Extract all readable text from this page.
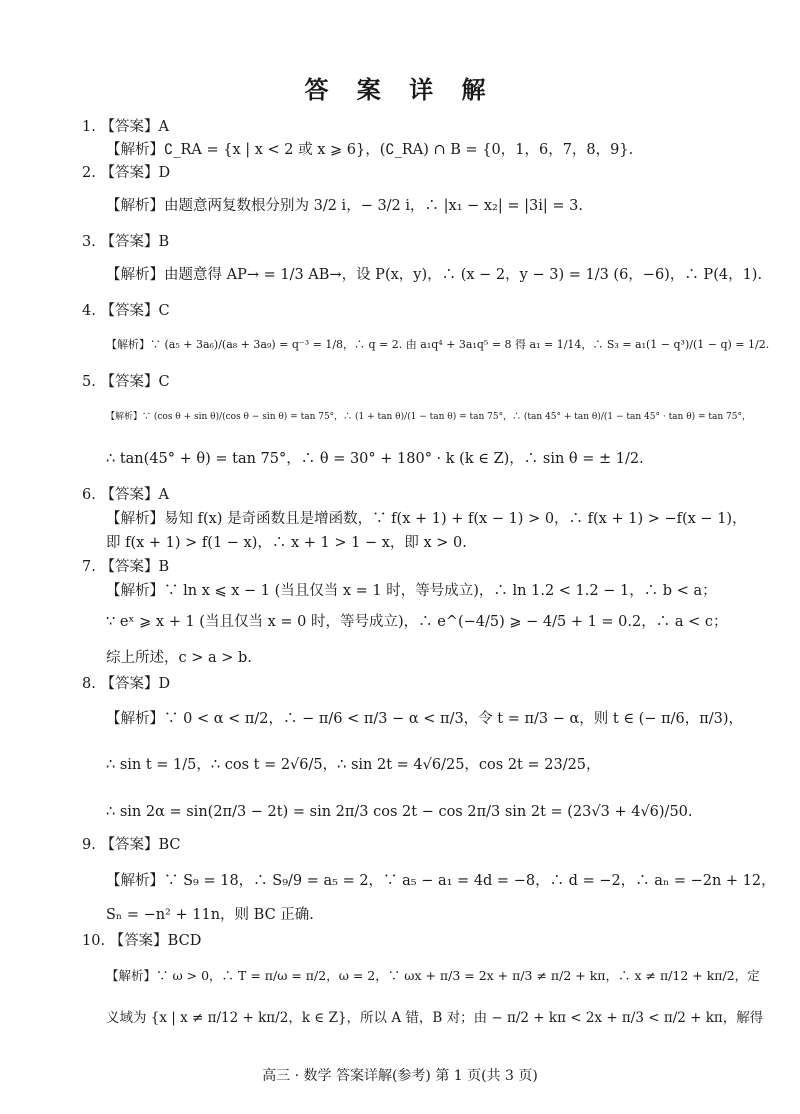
答 案 详 解
1. 【答案】A
【解析】∁_RA = {x | x < 2 或 x ⩾ 6}，(∁_RA) ∩ B = {0，1，6，7，8，9}.
2. 【答案】D
【解析】由题意两复数根分别为 3/2 i，− 3/2 i，∴ |x₁ − x₂| = |3i| = 3.
3. 【答案】B
【解析】由题意得 AP→ = 1/3 AB→，设 P(x，y)，∴ (x − 2，y − 3) = 1/3 (6，−6)，∴ P(4，1).
4. 【答案】C
【解析】∵ (a₅ + 3a₆)/(a₈ + 3a₉) = q⁻³ = 1/8，∴ q = 2. 由 a₁q⁴ + 3a₁q⁵ = 8 得 a₁ = 1/14，∴ S₃ = a₁(1 − q³)/(1 − q) = 1/2.
5. 【答案】C
【解析】∵ (cos θ + sin θ)/(cos θ − sin θ) = tan 75°，∴ (1 + tan θ)/(1 − tan θ) = tan 75°，∴ (tan 45° + tan θ)/(1 − tan 45° · tan θ) = tan 75°，
∴ tan(45° + θ) = tan 75°，∴ θ = 30° + 180° · k (k ∈ Z)，∴ sin θ = ± 1/2.
6. 【答案】A
【解析】易知 f(x) 是奇函数且是增函数，∵ f(x + 1) + f(x − 1) > 0，∴ f(x + 1) > −f(x − 1)，
即 f(x + 1) > f(1 − x)，∴ x + 1 > 1 − x，即 x > 0.
7. 【答案】B
【解析】∵ ln x ⩽ x − 1 (当且仅当 x = 1 时，等号成立)，∴ ln 1.2 < 1.2 − 1，∴ b < a；
∵ eˣ ⩾ x + 1 (当且仅当 x = 0 时，等号成立)，∴ e^(−4/5) ⩾ − 4/5 + 1 = 0.2，∴ a < c；
综上所述，c > a > b.
8. 【答案】D
【解析】∵ 0 < α < π/2，∴ − π/6 < π/3 − α < π/3，令 t = π/3 − α，则 t ∈ (− π/6，π/3)，
∴ sin t = 1/5，∴ cos t = 2√6/5，∴ sin 2t = 4√6/25，cos 2t = 23/25，
∴ sin 2α = sin(2π/3 − 2t) = sin 2π/3 cos 2t − cos 2π/3 sin 2t = (23√3 + 4√6)/50.
9. 【答案】BC
【解析】∵ S₉ = 18，∴ S₉/9 = a₅ = 2，∵ a₅ − a₁ = 4d = −8，∴ d = −2，∴ aₙ = −2n + 12，
Sₙ = −n² + 11n，则 BC 正确.
10. 【答案】BCD
【解析】∵ ω > 0，∴ T = π/ω = π/2，ω = 2，∵ ωx + π/3 = 2x + π/3 ≠ π/2 + kπ，∴ x ≠ π/12 + kπ/2，定
义域为 {x | x ≠ π/12 + kπ/2，k ∈ Z}，所以 A 错，B 对；由 − π/2 + kπ < 2x + π/3 < π/2 + kπ，解得
高三 · 数学 答案详解(参考) 第 1 页(共 3 页)
